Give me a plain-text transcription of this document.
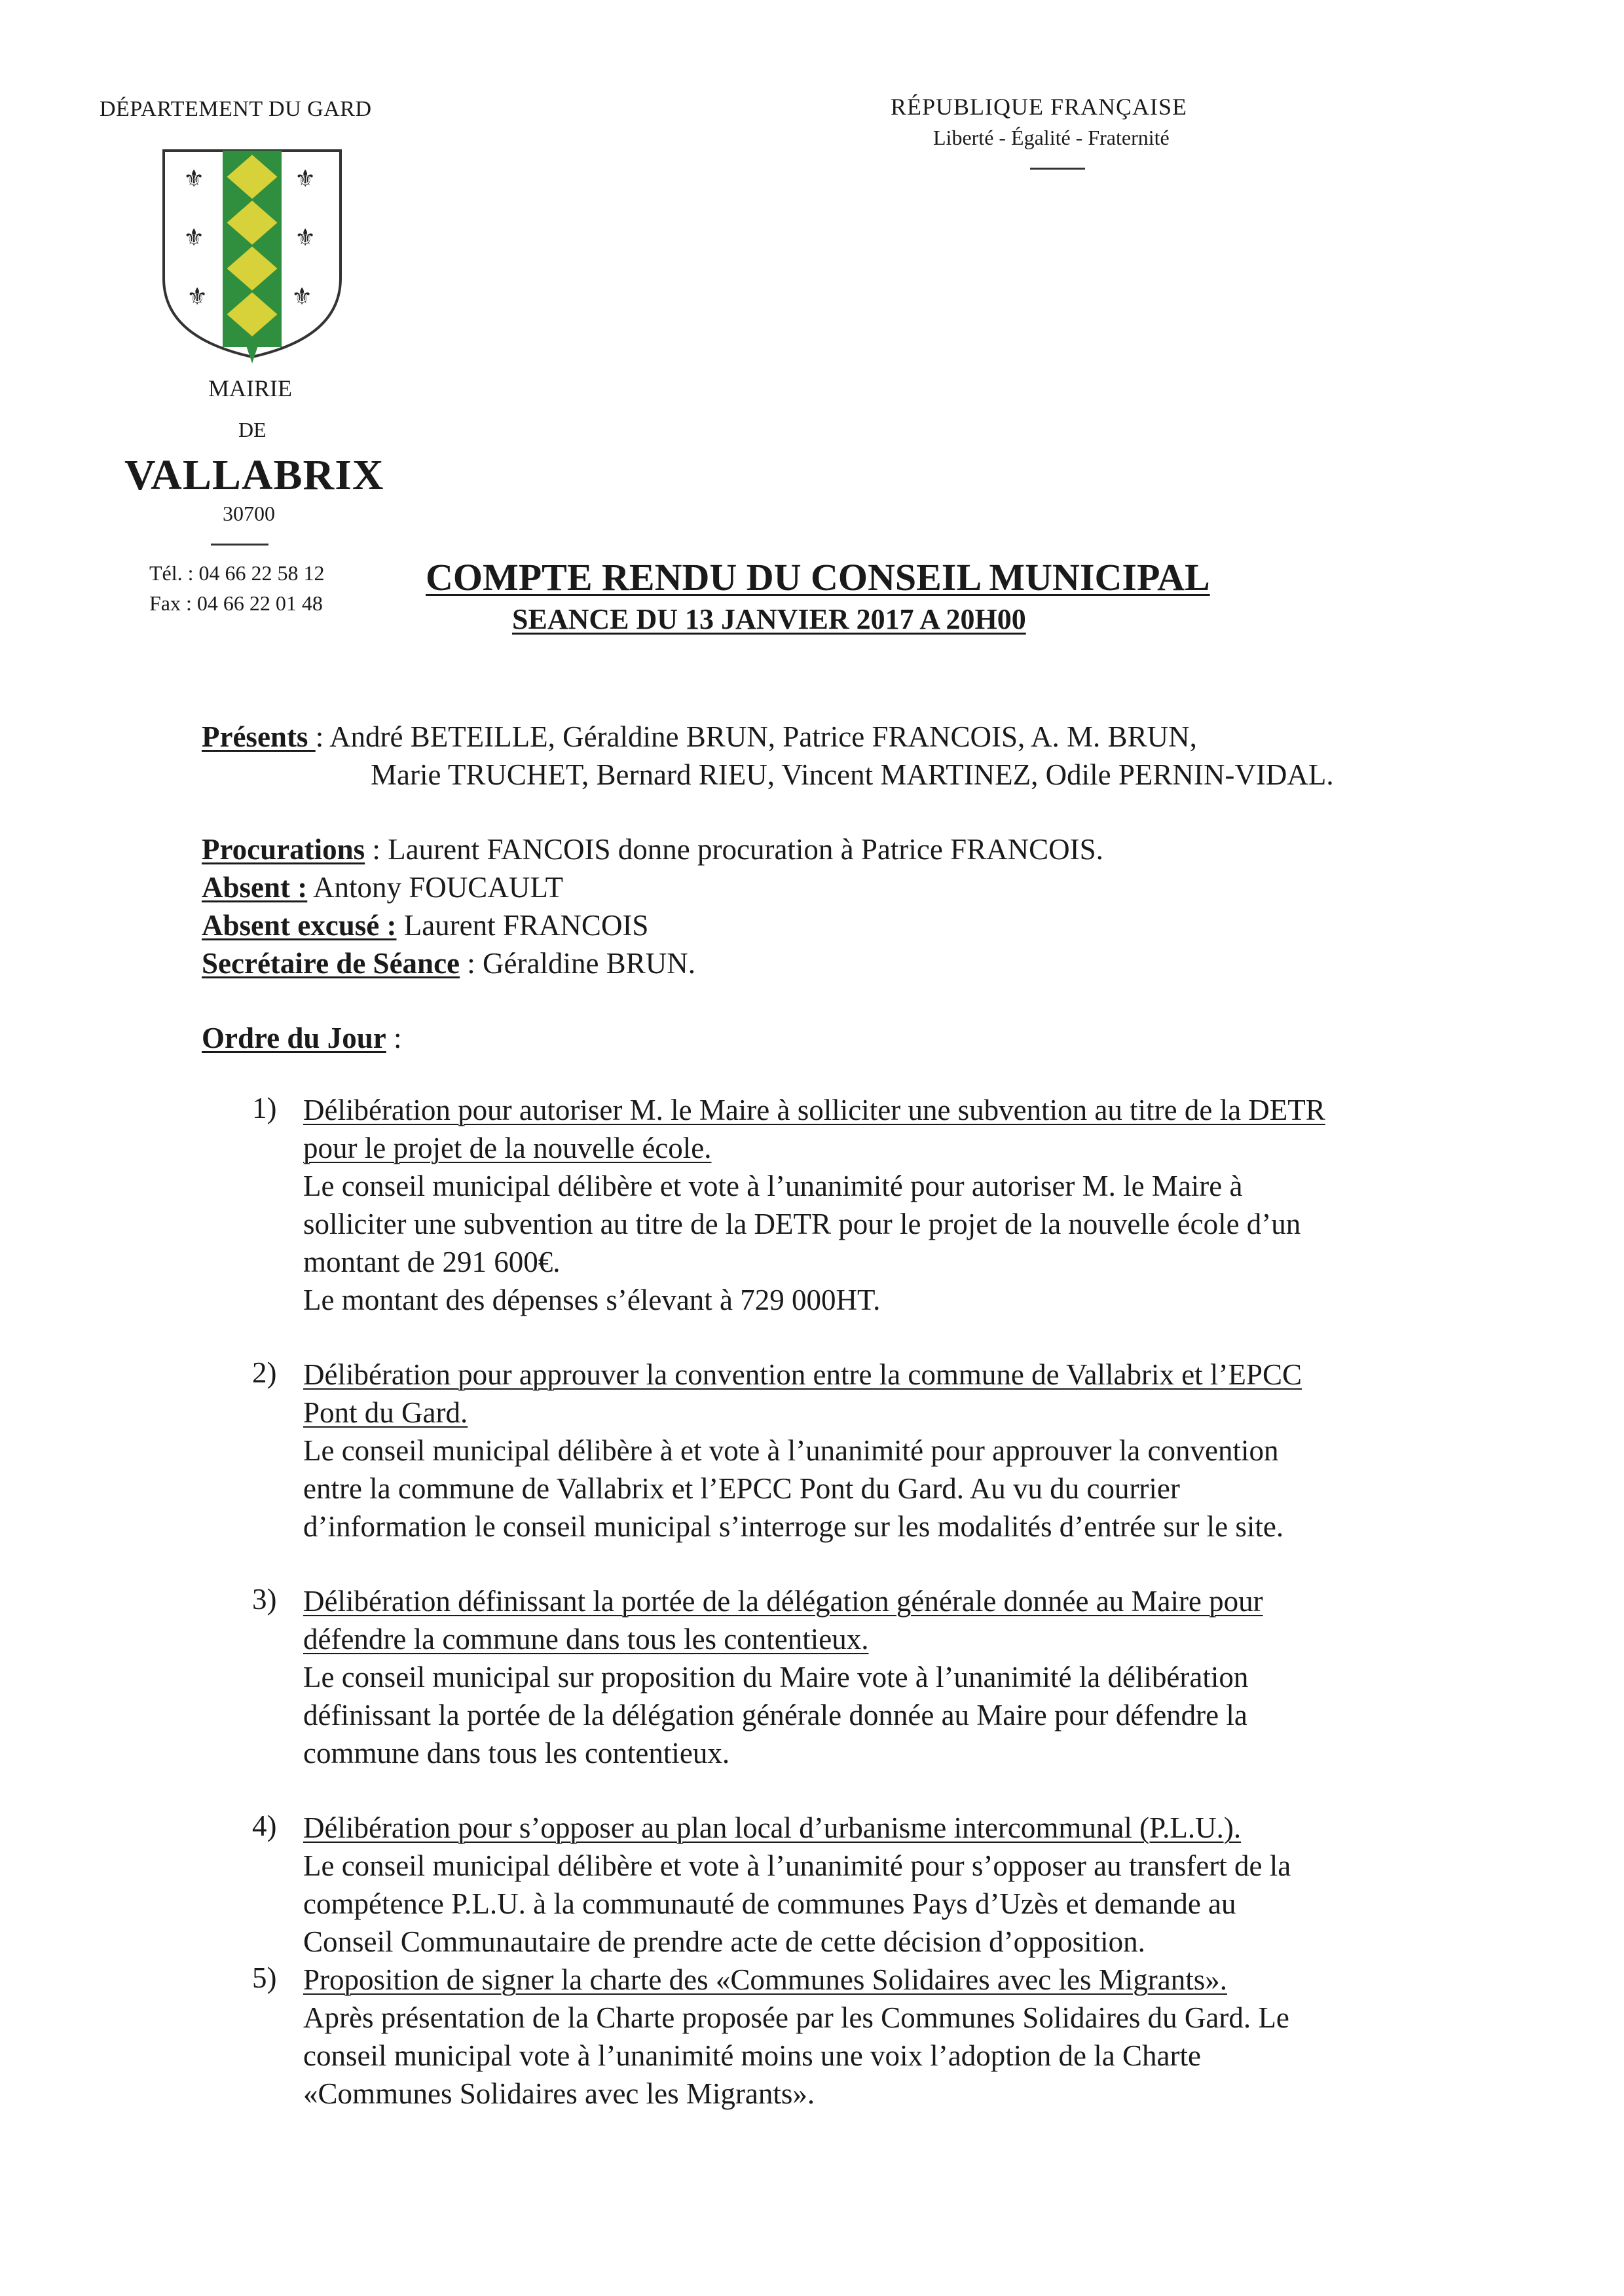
DÉPARTEMENT DU GARD
⚜	⚜
⚜	⚜
⚜	⚜
MAIRIE
DE
VALLABRIX
30700
Tél. : 04 66 22 58 12
Fax : 04 66 22 01 48
RÉPUBLIQUE FRANÇAISE
Liberté - Égalité - Fraternité
COMPTE RENDU DU CONSEIL MUNICIPAL
SEANCE DU 13 JANVIER 2017 A 20H00
Présents : André BETEILLE, Géraldine BRUN, Patrice FRANCOIS, A. M. BRUN,
Marie TRUCHET, Bernard RIEU, Vincent MARTINEZ, Odile PERNIN-VIDAL.
Procurations : Laurent FANCOIS donne procuration à Patrice FRANCOIS.
Absent : Antony FOUCAULT
Absent excusé : Laurent FRANCOIS
Secrétaire de Séance : Géraldine BRUN.
Ordre du Jour :
1) Délibération pour autoriser M. le Maire à solliciter une subvention au titre de la DETR
pour le projet de la nouvelle école.
Le conseil municipal délibère et vote à l’unanimité pour autoriser M. le Maire à
solliciter une subvention au titre de la DETR pour le projet de la nouvelle école d’un
montant de 291 600€.
Le montant des dépenses s’élevant à 729 000HT.
2) Délibération pour approuver la convention entre la commune de Vallabrix et l’EPCC
Pont du Gard.
Le conseil municipal délibère à et vote à l’unanimité pour approuver la convention
entre la commune de Vallabrix et l’EPCC Pont du Gard. Au vu du courrier
d’information le conseil municipal s’interroge sur les modalités d’entrée sur le site.
3) Délibération définissant la portée de la délégation générale donnée au Maire pour
défendre la commune dans tous les contentieux.
Le conseil municipal sur proposition du Maire vote à l’unanimité la délibération
définissant la portée de la délégation générale donnée au Maire pour défendre la
commune dans tous les contentieux.
4) Délibération pour s’opposer au plan local d’urbanisme intercommunal (P.L.U.).
Le conseil municipal délibère et vote à l’unanimité pour s’opposer au transfert de la
compétence P.L.U. à la communauté de communes Pays d’Uzès et demande au
Conseil Communautaire de prendre acte de cette décision d’opposition.
5) Proposition de signer la charte des «Communes Solidaires avec les Migrants».
Après présentation de la Charte proposée par les Communes Solidaires du Gard. Le
conseil municipal vote à l’unanimité moins une voix l’adoption de la Charte
«Communes Solidaires avec les Migrants».
